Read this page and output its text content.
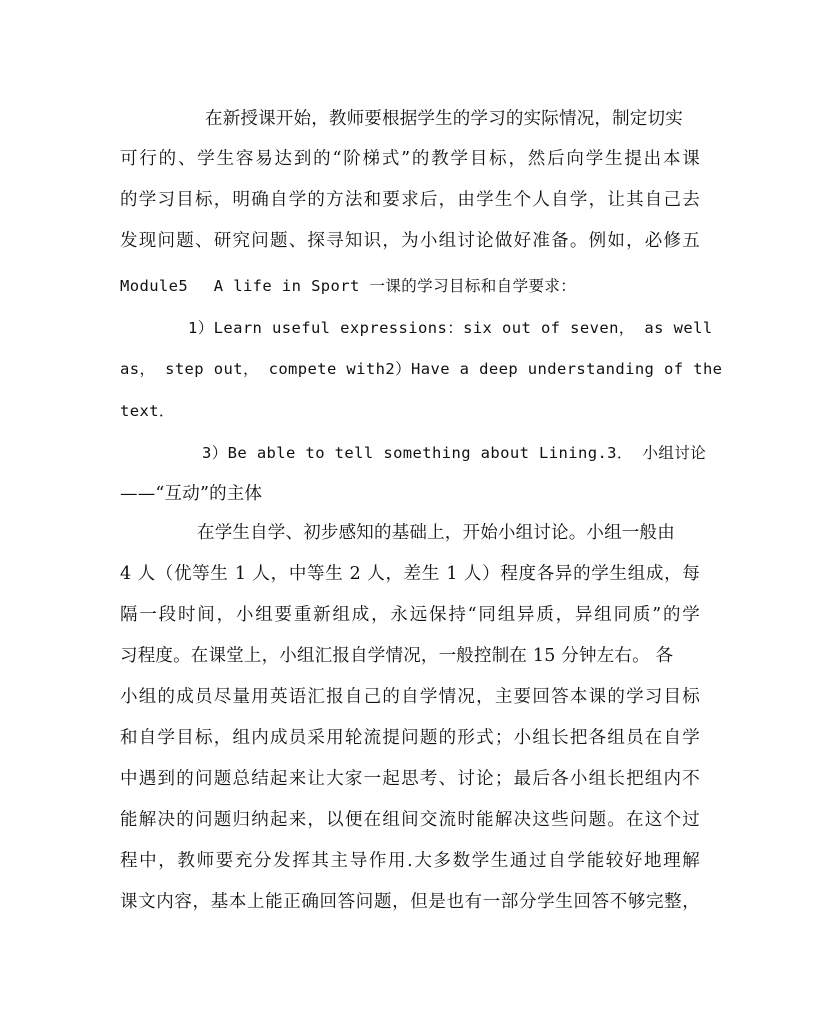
在新授课开始，教师要根据学生的学习的实际情况，制定切实
可行的、学生容易达到的“阶梯式”的教学目标，然后向学生提出本课
的学习目标，明确自学的方法和要求后，由学生个人自学，让其自己去
发现问题、研究问题、探寻知识，为小组讨论做好准备。例如，必修五
Module5　 A life in Sport 一课的学习目标和自学要求：
1）Learn useful expressions：six out of seven， as well
as， step out， compete with2）Have a deep understanding of the
text．
3）Be able to tell something about Lining.3． 小组讨论
——“互动”的主体
在学生自学、初步感知的基础上，开始小组讨论。小组一般由
4 人（优等生 1 人，中等生 2 人，差生 1 人）程度各异的学生组成，每
隔一段时间，小组要重新组成，永远保持“同组异质，异组同质”的学
习程度。在课堂上，小组汇报自学情况，一般控制在 15 分钟左右。 各
小组的成员尽量用英语汇报自己的自学情况，主要回答本课的学习目标
和自学目标，组内成员采用轮流提问题的形式；小组长把各组员在自学
中遇到的问题总结起来让大家一起思考、讨论；最后各小组长把组内不
能解决的问题归纳起来，以便在组间交流时能解决这些问题。在这个过
程中，教师要充分发挥其主导作用.大多数学生通过自学能较好地理解
课文内容，基本上能正确回答问题，但是也有一部分学生回答不够完整，
